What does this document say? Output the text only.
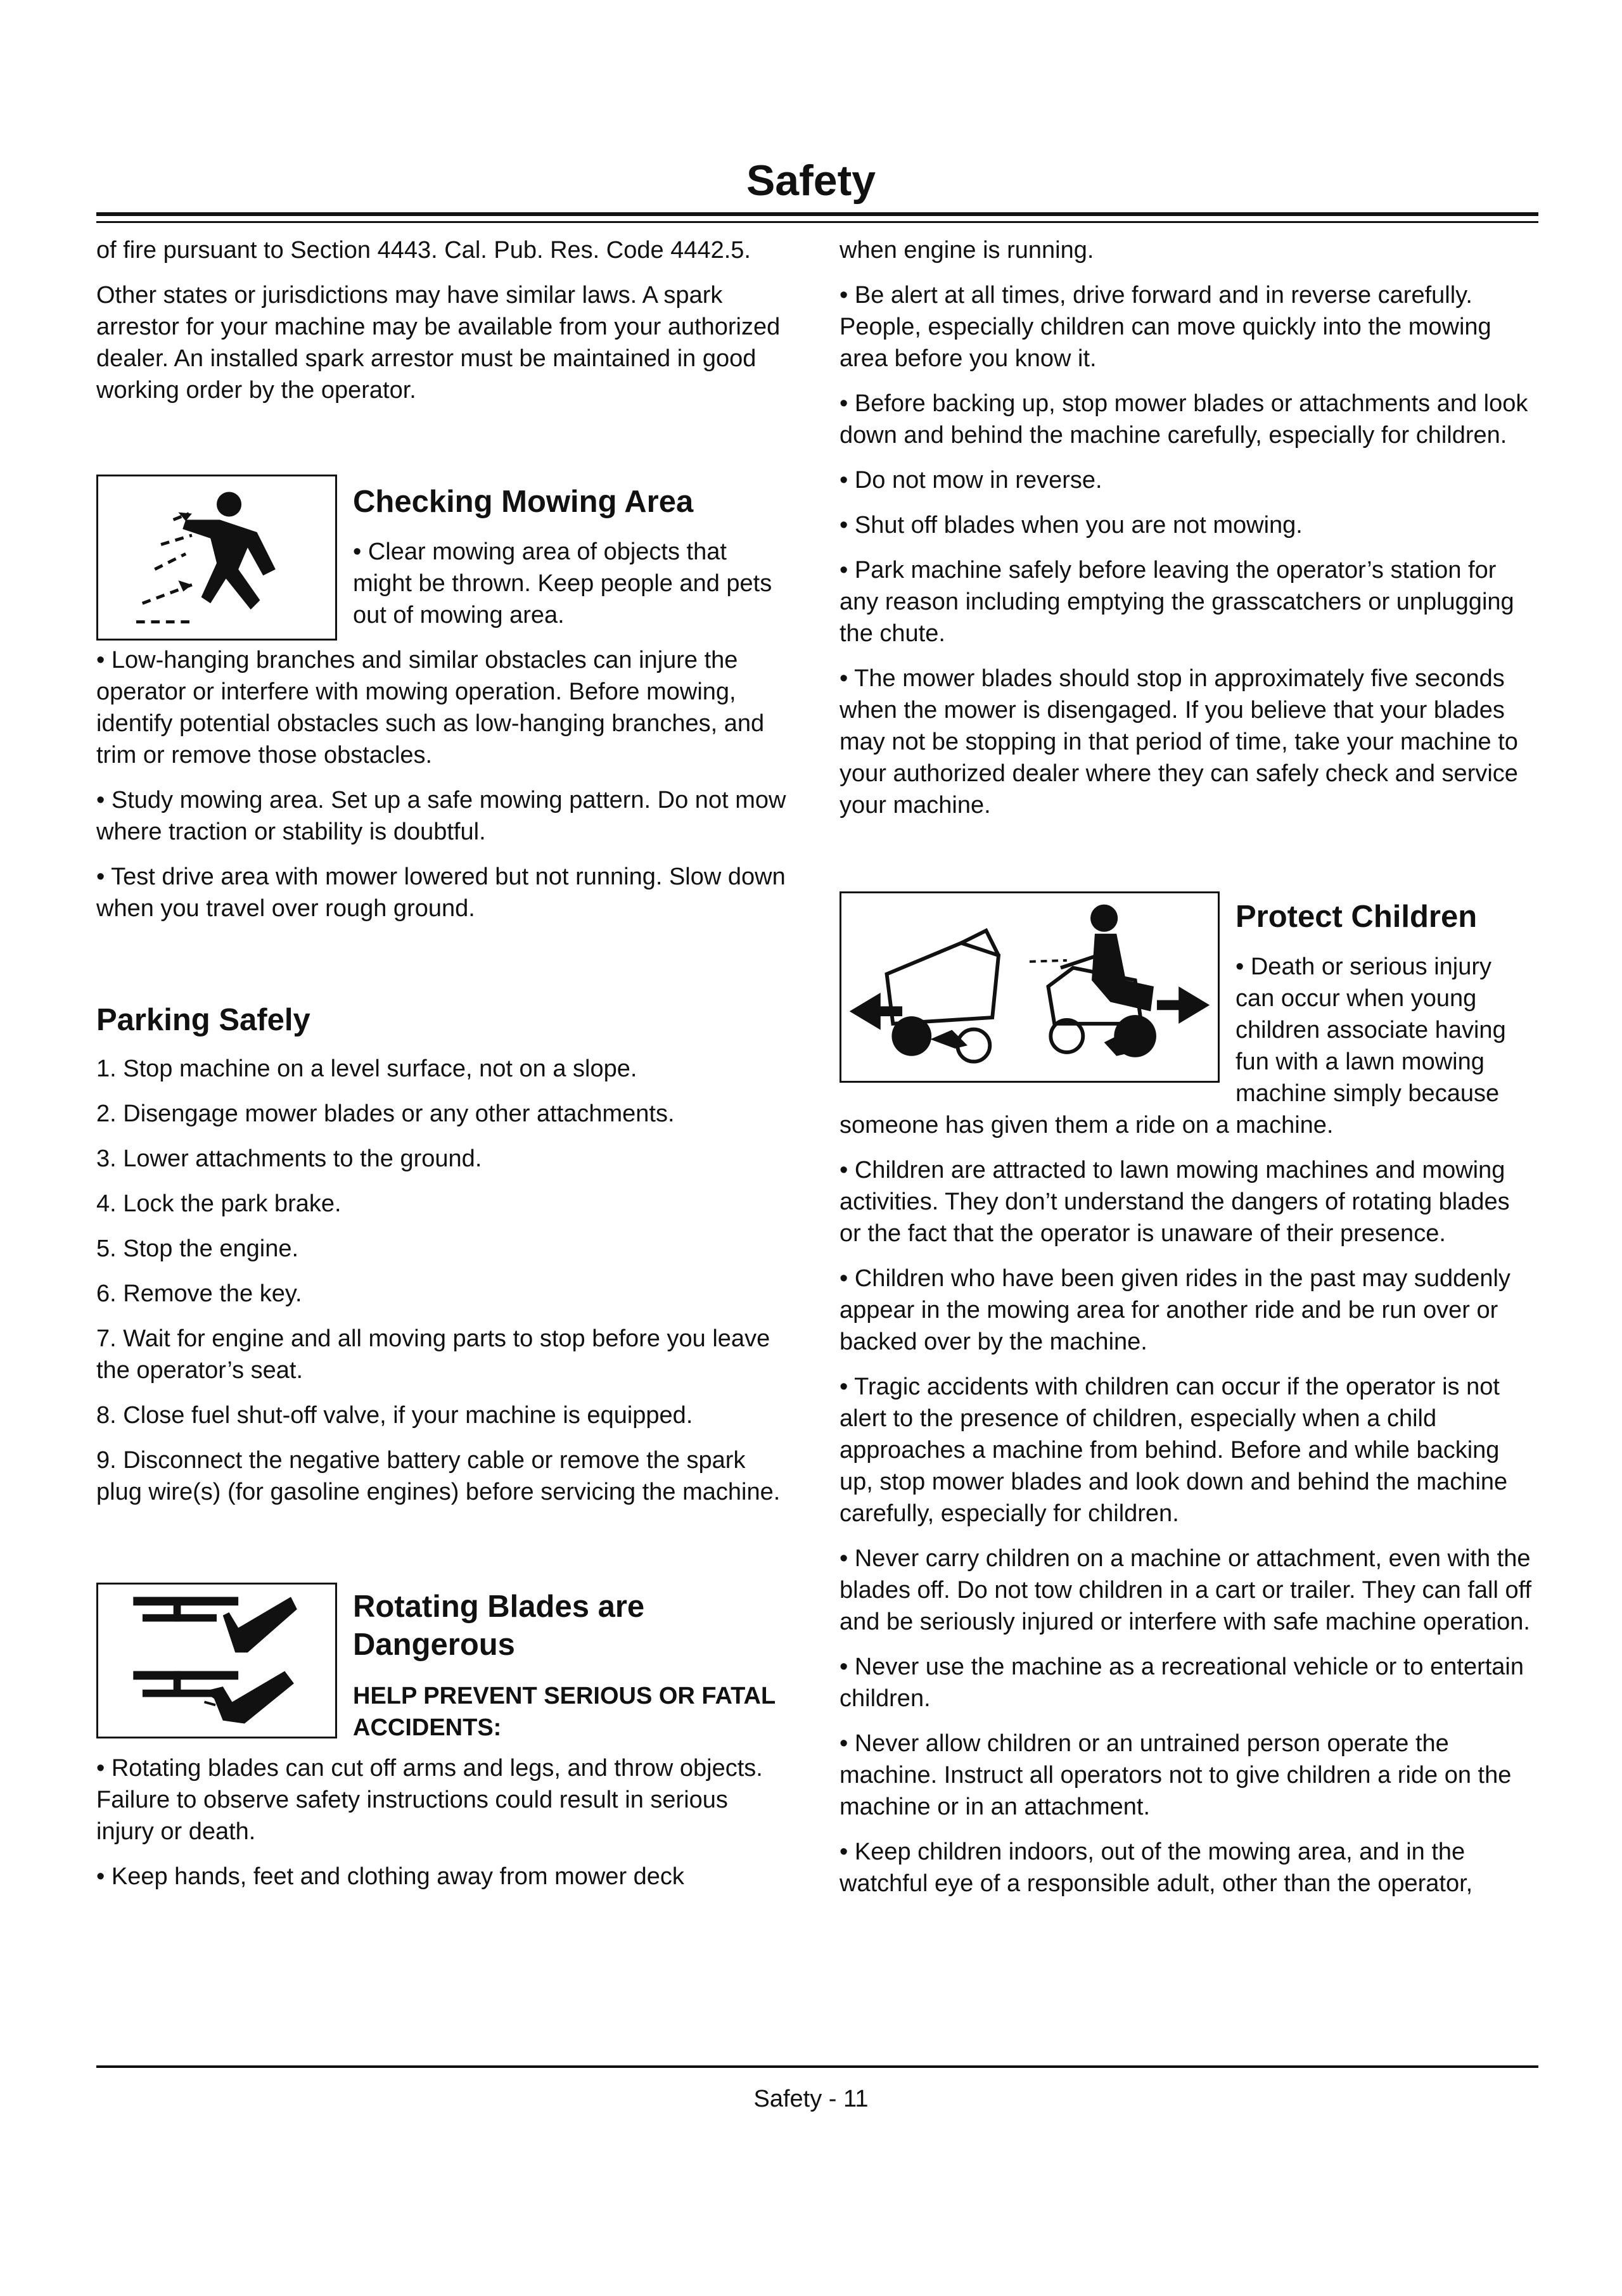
Safety

of fire pursuant to Section 4443. Cal. Pub. Res. Code 4442.5.

Other states or jurisdictions may have similar laws. A spark arrestor for your machine may be available from your authorized dealer. An installed spark arrestor must be maintained in good working order by the operator.

Checking Mowing Area

• Clear mowing area of objects that might be thrown. Keep people and pets out of mowing area.

• Low-hanging branches and similar obstacles can injure the operator or interfere with mowing operation. Before mowing, identify potential obstacles such as low-hanging branches, and trim or remove those obstacles.

• Study mowing area. Set up a safe mowing pattern. Do not mow where traction or stability is doubtful.

• Test drive area with mower lowered but not running. Slow down when you travel over rough ground.

Parking Safely

1. Stop machine on a level surface, not on a slope.

2. Disengage mower blades or any other attachments.

3. Lower attachments to the ground.

4. Lock the park brake.

5. Stop the engine.

6. Remove the key.

7. Wait for engine and all moving parts to stop before you leave the operator’s seat.

8. Close fuel shut-off valve, if your machine is equipped.

9. Disconnect the negative battery cable or remove the spark plug wire(s) (for gasoline engines) before servicing the machine.

Rotating Blades are Dangerous
HELP PREVENT SERIOUS OR FATAL ACCIDENTS:

• Rotating blades can cut off arms and legs, and throw objects. Failure to observe safety instructions could result in serious injury or death.

• Keep hands, feet and clothing away from mower deck

when engine is running.

• Be alert at all times, drive forward and in reverse carefully. People, especially children can move quickly into the mowing area before you know it.

• Before backing up, stop mower blades or attachments and look down and behind the machine carefully, especially for children.

• Do not mow in reverse.

• Shut off blades when you are not mowing.

• Park machine safely before leaving the operator’s station for any reason including emptying the grasscatchers or unplugging the chute.

• The mower blades should stop in approximately five seconds when the mower is disengaged. If you believe that your blades may not be stopping in that period of time, take your machine to your authorized dealer where they can safely check and service your machine.

Protect Children

• Death or serious injury can occur when young children associate having fun with a lawn mowing machine simply because someone has given them a ride on a machine.

• Children are attracted to lawn mowing machines and mowing activities. They don’t understand the dangers of rotating blades or the fact that the operator is unaware of their presence.

• Children who have been given rides in the past may suddenly appear in the mowing area for another ride and be run over or backed over by the machine.

• Tragic accidents with children can occur if the operator is not alert to the presence of children, especially when a child approaches a machine from behind. Before and while backing up, stop mower blades and look down and behind the machine carefully, especially for children.

• Never carry children on a machine or attachment, even with the blades off. Do not tow children in a cart or trailer. They can fall off and be seriously injured or interfere with safe machine operation.

• Never use the machine as a recreational vehicle or to entertain children.

• Never allow children or an untrained person operate the machine. Instruct all operators not to give children a ride on the machine or in an attachment.

• Keep children indoors, out of the mowing area, and in the watchful eye of a responsible adult, other than the operator,

Safety - 11
